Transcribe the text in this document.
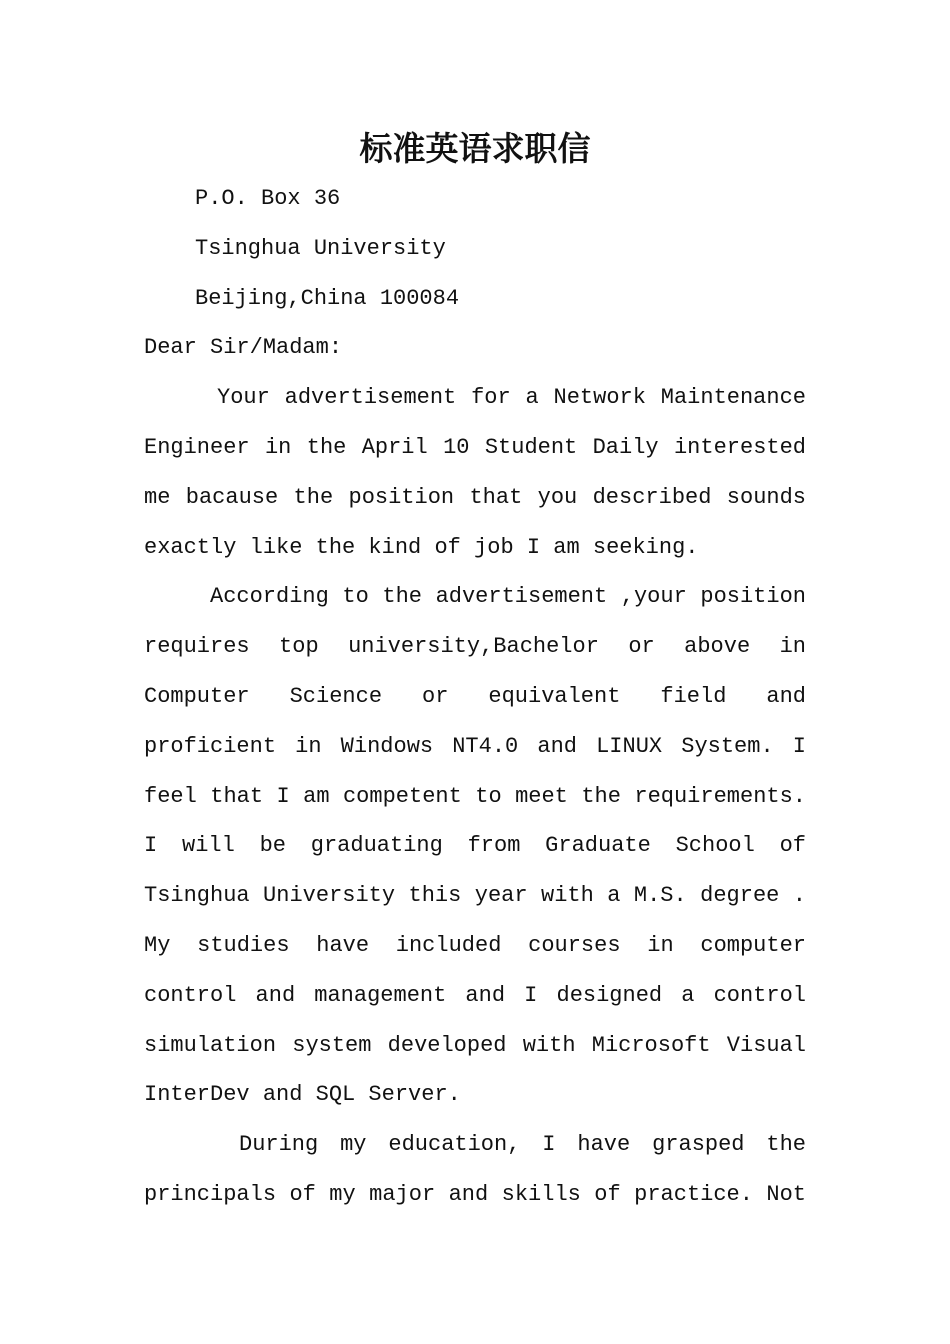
标准英语求职信

P.O. Box 36

Tsinghua University

Beijing,China 100084

Dear Sir/Madam:

Your advertisement for a Network Maintenance Engineer in the April 10 Student Daily interested me bacause the position that you described sounds exactly like the kind of job I am seeking.

According to the advertisement ,your position requires top university,Bachelor or above in Computer Science or equivalent field and proficient in Windows NT4.0 and LINUX System. I feel that I am competent to meet the requirements. I will be graduating from Graduate School of Tsinghua University this year with a M.S. degree . My studies have included courses in computer control and management and I designed a control simulation system developed with Microsoft Visual InterDev and SQL Server.

During my education, I have grasped the principals of my major and skills of practice. Not
